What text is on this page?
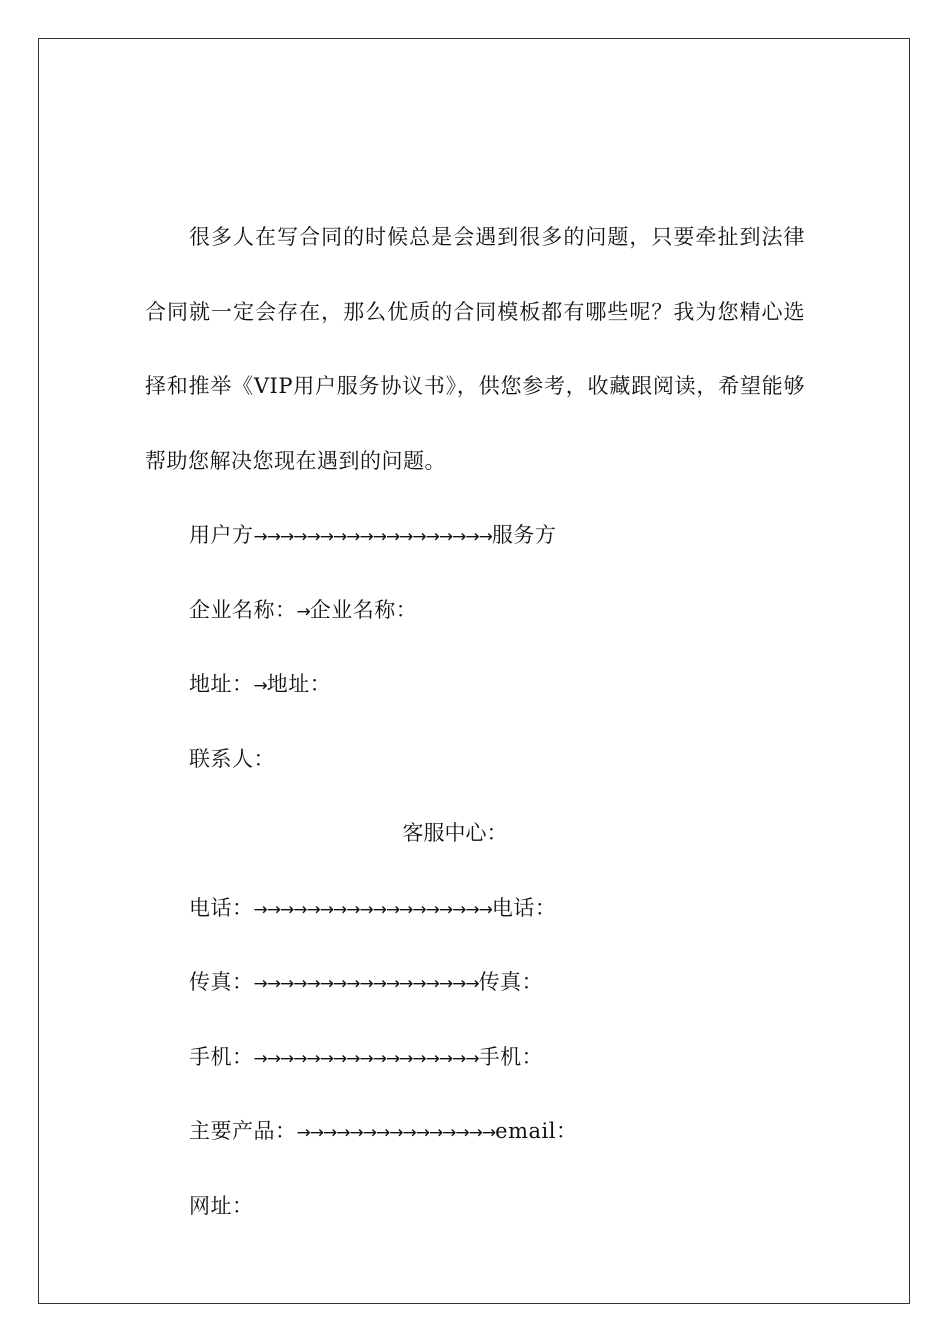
很多人在写合同的时候总是会遇到很多的问题，只要牵扯到法律合同就一定会存在，那么优质的合同模板都有哪些呢？我为您精心选择和推举《VIP用户服务协议书》，供您参考，收藏跟阅读，希望能够帮助您解决您现在遇到的问题。

用户方→→→→→→→→→→→→→→→→→→服务方
企业名称：→企业名称：
地址：→地址：
联系人：
客服中心：
电话：→→→→→→→→→→→→→→→→→→电话：
传真：→→→→→→→→→→→→→→→→→传真：
手机：→→→→→→→→→→→→→→→→→手机：
主要产品：→→→→→→→→→→→→→→→email：
网址：
